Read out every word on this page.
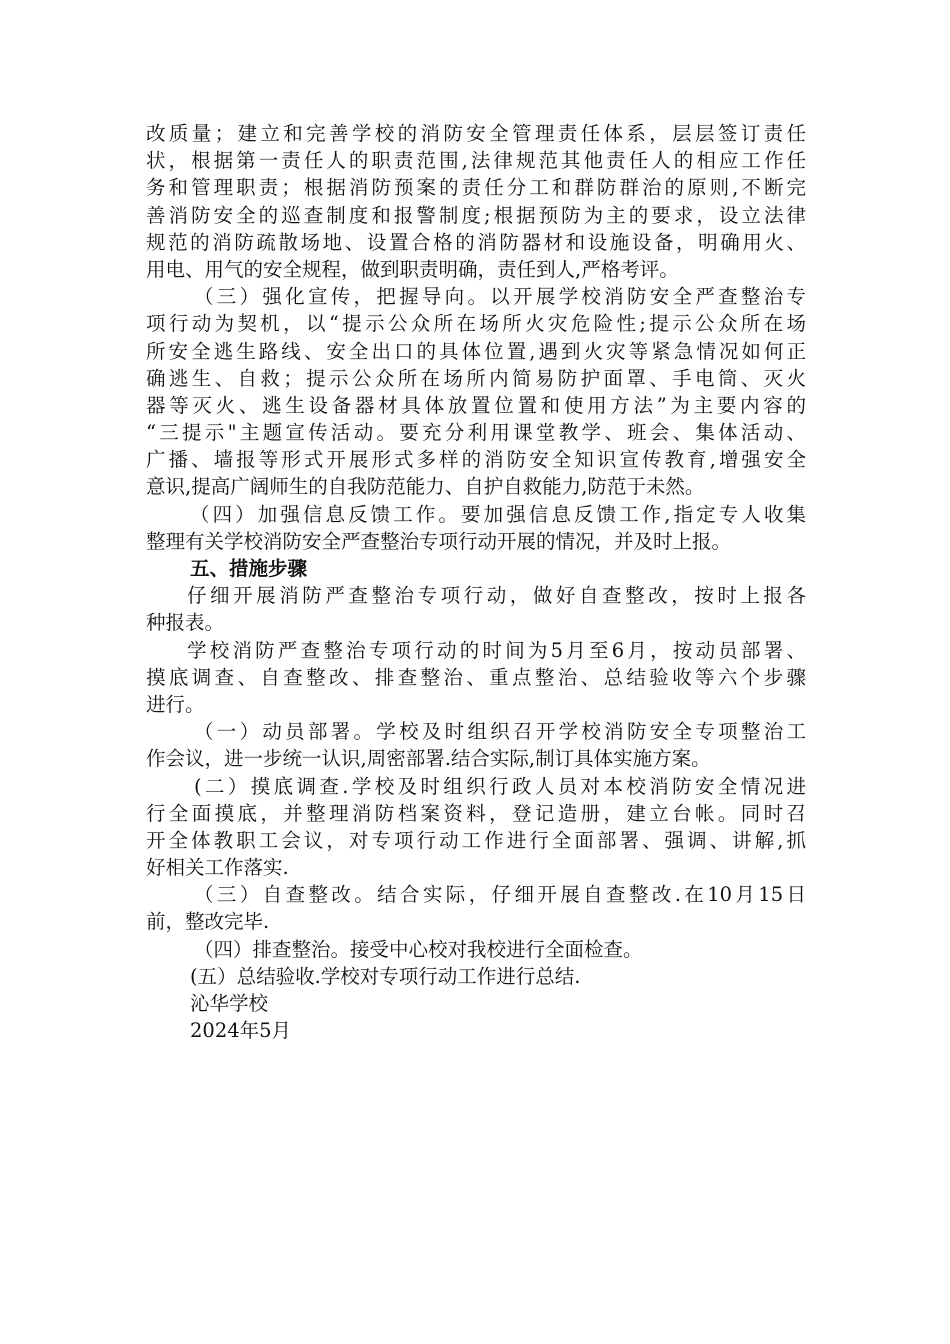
改质量；建立和完善学校的消防安全管理责任体系，层层签订责任
状，根据第一责任人的职责范围,法律规范其他责任人的相应工作任
务和管理职责；根据消防预案的责任分工和群防群治的原则,不断完
善消防安全的巡查制度和报警制度;根据预防为主的要求，设立法律
规范的消防疏散场地、设置合格的消防器材和设施设备，明确用火、
用电、用气的安全规程，做到职责明确，责任到人,严格考评。
（三）强化宣传，把握导向。以开展学校消防安全严查整治专
项行动为契机，以“提示公众所在场所火灾危险性;提示公众所在场
所安全逃生路线、安全出口的具体位置,遇到火灾等紧急情况如何正
确逃生、自救；提示公众所在场所内简易防护面罩、手电筒、灭火
器等灭火、逃生设备器材具体放置位置和使用方法”为主要内容的
“三提示"主题宣传活动。要充分利用课堂教学、班会、集体活动、
广播、墙报等形式开展形式多样的消防安全知识宣传教育,增强安全
意识,提高广阔师生的自我防范能力、自护自救能力,防范于未然。
（四）加强信息反馈工作。要加强信息反馈工作,指定专人收集
整理有关学校消防安全严查整治专项行动开展的情况，并及时上报。
五、措施步骤
仔细开展消防严查整治专项行动，做好自查整改，按时上报各
种报表。
学校消防严查整治专项行动的时间为5月至6月，按动员部署、
摸底调查、自查整改、排查整治、重点整治、总结验收等六个步骤
进行。
（一）动员部署。学校及时组织召开学校消防安全专项整治工
作会议，进一步统一认识,周密部署.结合实际,制订具体实施方案。
(二）摸底调查.学校及时组织行政人员对本校消防安全情况进
行全面摸底，并整理消防档案资料，登记造册，建立台帐。同时召
开全体教职工会议，对专项行动工作进行全面部署、强调、讲解,抓
好相关工作落实.
（三）自查整改。结合实际，仔细开展自查整改.在10月15日
前，整改完毕.
（四）排查整治。接受中心校对我校进行全面检查。
(五）总结验收.学校对专项行动工作进行总结.
沁华学校
2024年5月
